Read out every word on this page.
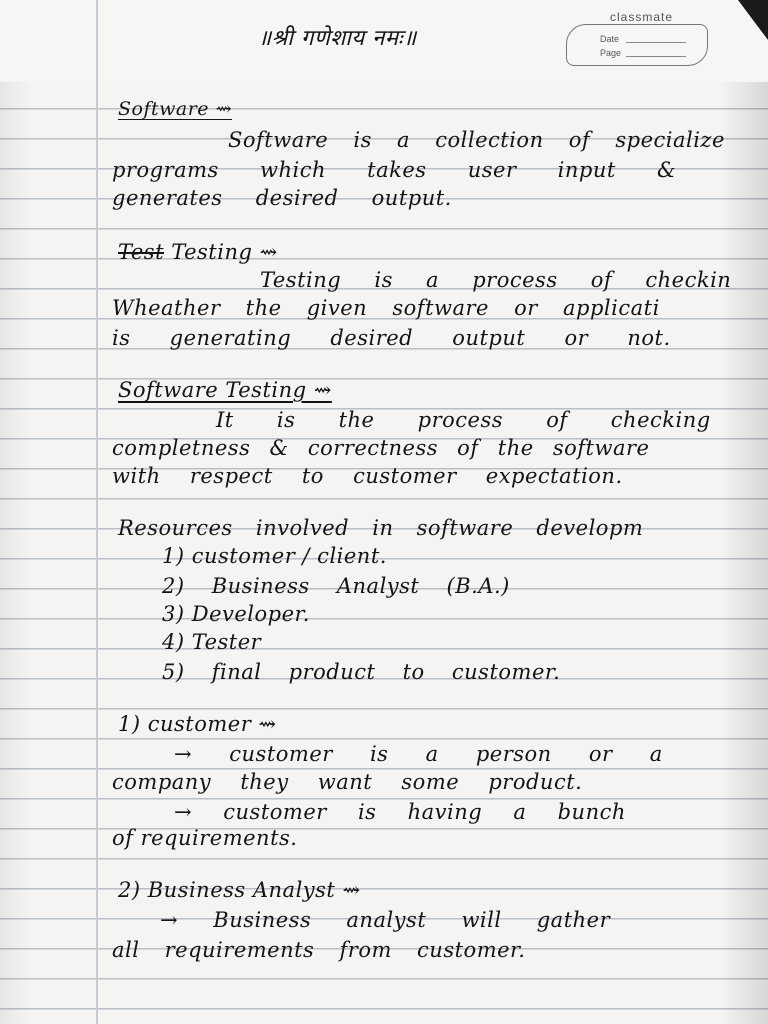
॥श्री गणेशाय नमः॥
classmate
Date
Page
Software ⇝
Software is a collection of specialize
programs which takes user input &
generates desired output.
Test Testing ⇝
Testing is a process of checkin
Wheather the given software or applicati
is generating desired output or not.
Software Testing ⇝
It is the process of checking
completness & correctness of the software
with respect to customer expectation.
Resources involved in software developm
1) customer / client.
2) Business Analyst (B.A.)
3) Developer.
4) Tester
5) final product to customer.
1) customer ⇝
→ customer is a person or a
company they want some product.
→ customer is having a bunch
of requirements.
2) Business Analyst ⇝
→ Business analyst will gather
all requirements from customer.
